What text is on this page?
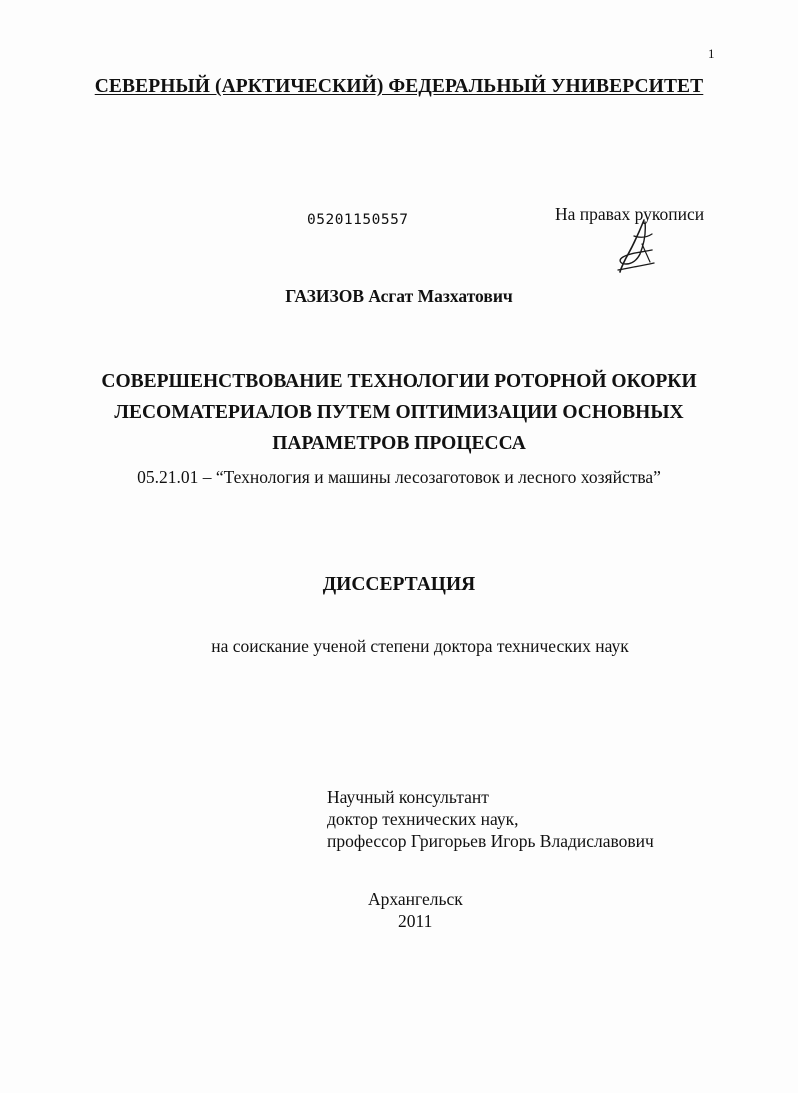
1
СЕВЕРНЫЙ (АРКТИЧЕСКИЙ) ФЕДЕРАЛЬНЫЙ УНИВЕРСИТЕТ
05201150557	На правах рукописи
ГАЗИЗОВ Асгат Мазхатович
СОВЕРШЕНСТВОВАНИЕ ТЕХНОЛОГИИ РОТОРНОЙ ОКОРКИ
ЛЕСОМАТЕРИАЛОВ ПУТЕМ ОПТИМИЗАЦИИ ОСНОВНЫХ
ПАРАМЕТРОВ ПРОЦЕССА
05.21.01 – “Технология и машины лесозаготовок и лесного хозяйства”
ДИССЕРТАЦИЯ
на соискание ученой степени доктора технических наук
Научный консультант
доктор технических наук,
профессор Григорьев Игорь Владиславович
Архангельск
2011
